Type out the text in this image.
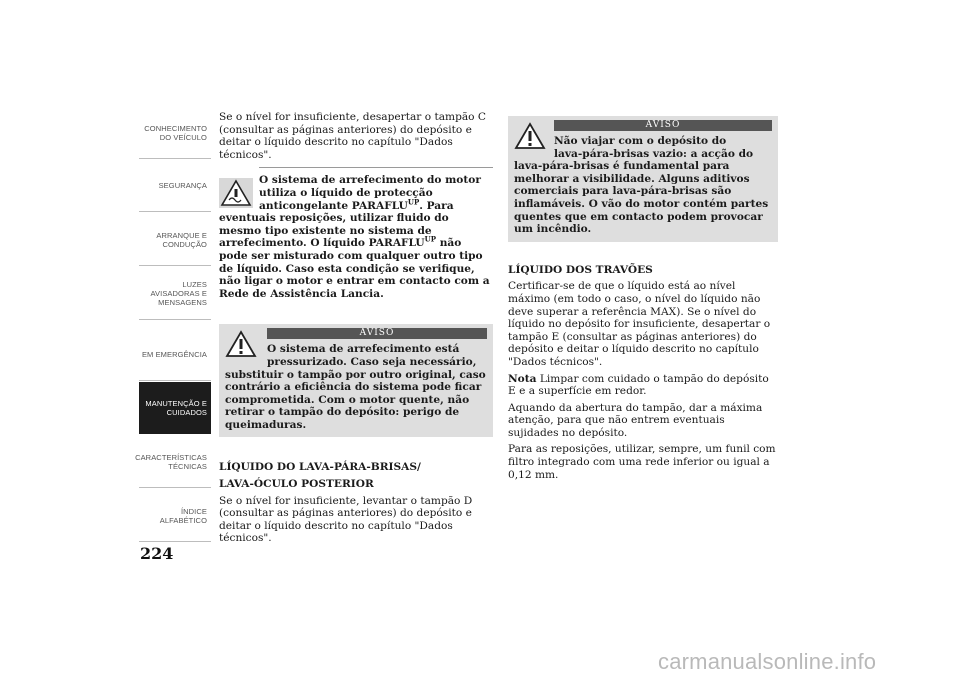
CONHECIMENTO
DO VEÍCULO
SEGURANÇA
ARRANQUE E
CONDUÇÃO
LUZES
AVISADORAS E
MENSAGENS
EM EMERGÊNCIA
MANUTENÇÃO E
CUIDADOS
CARACTERÍSTICAS
TÉCNICAS
ÍNDICE
ALFABÉTICO
224

Se o nível for insuficiente, desapertar o tampão C (consultar as páginas anteriores) do depósito e deitar o líquido descrito no capítulo "Dados técnicos".

O sistema de arrefecimento do motor
utiliza o líquido de protecção
anticongelante $PARAFLU^{UP}$. Para
eventuais reposições, utilizar fluido do mesmo tipo existente no sistema de arrefecimento. O líquido $PARAFLU^{UP}$ não pode ser misturado com qualquer outro tipo de líquido. Caso esta condição se verifique, não ligar o motor e entrar em contacto com a Rede de Assistência Lancia.
AVISO
O sistema de arrefecimento está
pressurizado. Caso seja necessário,
substituir o tampão por outro original, caso contrário a eficiência do sistema pode ficar comprometida. Com o motor quente, não retirar o tampão do depósito: perigo de queimaduras.

LÍQUIDO DO LAVA-PÁRA-BRISAS/

LAVA-ÓCULO POSTERIOR

Se o nível for insuficiente, levantar o tampão D (consultar as páginas anteriores) do depósito e deitar o líquido descrito no capítulo "Dados técnicos".

AVISO
Não viajar com o depósito do
lava-pára-brisas vazio: a acção do
lava-pára-brisas é fundamental para melhorar a visibilidade. Alguns aditivos comerciais para lava-pára-brisas são inflamáveis. O vão do motor contém partes quentes que em contacto podem provocar um incêndio.

LÍQUIDO DOS TRAVÕES

Certificar-se de que o líquido está ao nível máximo (em todo o caso, o nível do líquido não deve superar a referência MAX). Se o nível do líquido no depósito for insuficiente, desapertar o tampão E (consultar as páginas anteriores) do depósito e deitar o líquido descrito no capítulo "Dados técnicos".

Nota Limpar com cuidado o tampão do depósito E e a superfície em redor.

Aquando da abertura do tampão, dar a máxima atenção, para que não entrem eventuais sujidades no depósito.

Para as reposições, utilizar, sempre, um funil com filtro integrado com uma rede inferior ou igual a 0,12 mm.

carmanualsonline.info
